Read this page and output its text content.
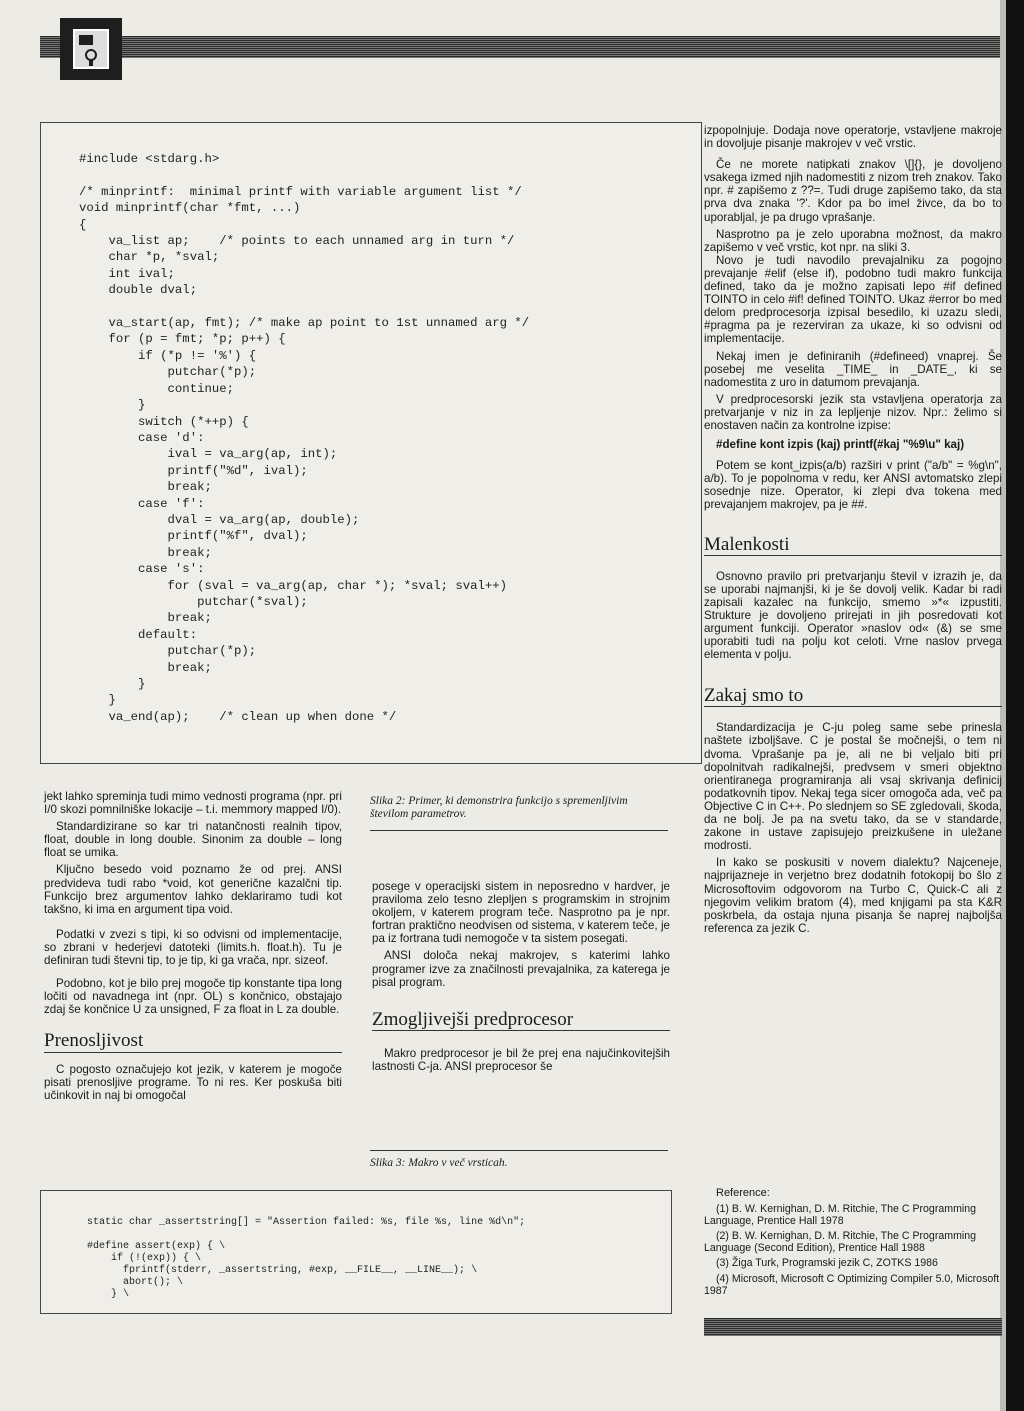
#include <stdarg.h>

/* minprintf:  minimal printf with variable argument list */
void minprintf(char *fmt, ...)
{
va_list ap;    /* points to each unnamed arg in turn */
char *p, *sval;
int ival;
double dval;

va_start(ap, fmt); /* make ap point to 1st unnamed arg */
for (p = fmt; *p; p++) {
if (*p != '%') {
putchar(*p);
continue;
}
switch (*++p) {
case 'd':
ival = va_arg(ap, int);
printf("%d", ival);
break;
case 'f':
dval = va_arg(ap, double);
printf("%f", dval);
break;
case 's':
for (sval = va_arg(ap, char *); *sval; sval++)
putchar(*sval);
break;
default:
putchar(*p);
break;
}
}
va_end(ap);    /* clean up when done */
static char _assertstring[] = "Assertion failed: %s, file %s, line %d\n";

#define assert(exp) { \
if (!(exp)) { \
fprintf(stderr, _assertstring, #exp, __FILE__, __LINE__); \
abort(); \
} \

jekt lahko spreminja tudi mimo vednosti programa (npr. pri I/0 skozi pomnilniške lokacije – t.i. memmory mapped I/0).

Standardizirane so kar tri natančnosti realnih tipov, float, double in long double. Sinonim za double – long float se umika.

Ključno besedo void poznamo že od prej. ANSI predvideva tudi rabo *void, kot generične kazalčni tip. Funkcijo brez argumentov lahko deklariramo tudi kot takšno, ki ima en argument tipa void.

Podatki v zvezi s tipi, ki so odvisni od implementacije, so zbrani v hederjevi datoteki (limits.h. float.h). Tu je definiran tudi števni tip, to je tip, ki ga vrača, npr. sizeof.

Podobno, kot je bilo prej mogoče tip konstante tipa long ločiti od navadnega int (npr. OL) s končnico, obstajajo zdaj še končnice U za unsigned, F za float in L za double.

Prenosljivost

C pogosto označujejo kot jezik, v katerem je mogoče pisati prenosljive programe. To ni res. Ker poskuša biti učinkovit in naj bi omogočal

Slika 2: Primer, ki demonstrira funkcijo s spremenljivim številom parametrov.

posege v operacijski sistem in neposredno v hardver, je praviloma zelo tesno zlepljen s programskim in strojnim okoljem, v katerem program teče. Nasprotno pa je npr. fortran praktično neodvisen od sistema, v katerem teče, je pa iz fortrana tudi nemogoče v ta sistem posegati.

ANSI določa nekaj makrojev, s katerimi lahko programer izve za značilnosti prevajalnika, za katerega je pisal program.

Zmogljivejši predprocesor

Makro predprocesor je bil že prej ena najučinkovitejših lastnosti C-ja. ANSI preprocesor še

Slika 3: Makro v več vrsticah.

izpopolnjuje. Dodaja nove operatorje, vstavljene makroje in dovoljuje pisanje makrojev v več vrstic.

Če ne morete natipkati znakov \[]{}, je dovoljeno vsakega izmed njih nadomestiti z nizom treh znakov. Tako npr. # zapišemo z ??=. Tudi druge zapišemo tako, da sta prva dva znaka '?'. Kdor pa bo imel živce, da bo to uporabljal, je pa drugo vprašanje.

Nasprotno pa je zelo uporabna možnost, da makro zapišemo v več vrstic, kot npr. na sliki 3.

Novo je tudi navodilo prevajalniku za pogojno prevajanje #elif (else if), podobno tudi makro funkcija defined, tako da je možno zapisati lepo #if defined TOINTO in celo #if! defined TOINTO. Ukaz #error bo med delom predprocesorja izpisal besedilo, ki uzazu sledi, #pragma pa je rezerviran za ukaze, ki so odvisni od implementacije.

Nekaj imen je definiranih (#defineed) vnaprej. Še posebej me veselita _TIME_ in _DATE_, ki se nadomestita z uro in datumom prevajanja.

V predprocesorski jezik sta vstavljena operatorja za pretvarjanje v niz in za lepljenje nizov. Npr.: želimo si enostaven način za kontrolne izpise:

#define kont izpis (kaj) printf(#kaj "%9\u" kaj)

Potem se kont_izpis(a/b) razširi v print ("a/b" = %g\n", a/b). To je popolnoma v redu, ker ANSI avtomatsko zlepi sosednje nize. Operator, ki zlepi dva tokena med prevajanjem makrojev, pa je ##.

Malenkosti

Osnovno pravilo pri pretvarjanju števil v izrazih je, da se uporabi najmanjši, ki je še dovolj velik. Kadar bi radi zapisali kazalec na funkcijo, smemo »*« izpustiti. Strukture je dovoljeno prirejati in jih posredovati kot argument funkciji. Operator »naslov od« (&) se sme uporabiti tudi na polju kot celoti. Vrne naslov prvega elementa v polju.

Zakaj smo to

Standardizacija je C-ju poleg same sebe prinesla naštete izboljšave. C je postal še močnejši, o tem ni dvoma. Vprašanje pa je, ali ne bi veljalo biti pri dopolnitvah radikalnejši, predvsem v smeri objektno orientiranega programiranja ali vsaj skrivanja definicij podatkovnih tipov. Nekaj tega sicer omogoča ada, več pa Objective C in C++. Po slednjem so SE zgledovali, škoda, da ne bolj. Je pa na svetu tako, da se v standarde, zakone in ustave zapisujejo preizkušene in uležane modrosti.

In kako se poskusiti v novem dialektu? Najceneje, najprijazneje in verjetno brez dodatnih fotokopij bo šlo z Microsoftovim odgovorom na Turbo C, Quick-C ali z njegovim velikim bratom (4), med knjigami pa sta K&R poskrbela, da ostaja njuna pisanja še naprej najboljša referenca za jezik C.

Reference:

(1) B. W. Kernighan, D. M. Ritchie, The C Programming Language, Prentice Hall 1978

(2) B. W. Kernighan, D. M. Ritchie, The C Programming Language (Second Edition), Prentice Hall 1988

(3) Žiga Turk, Programski jezik C, ZOTKS 1986

(4) Microsoft, Microsoft C Optimizing Compiler 5.0, Microsoft 1987
